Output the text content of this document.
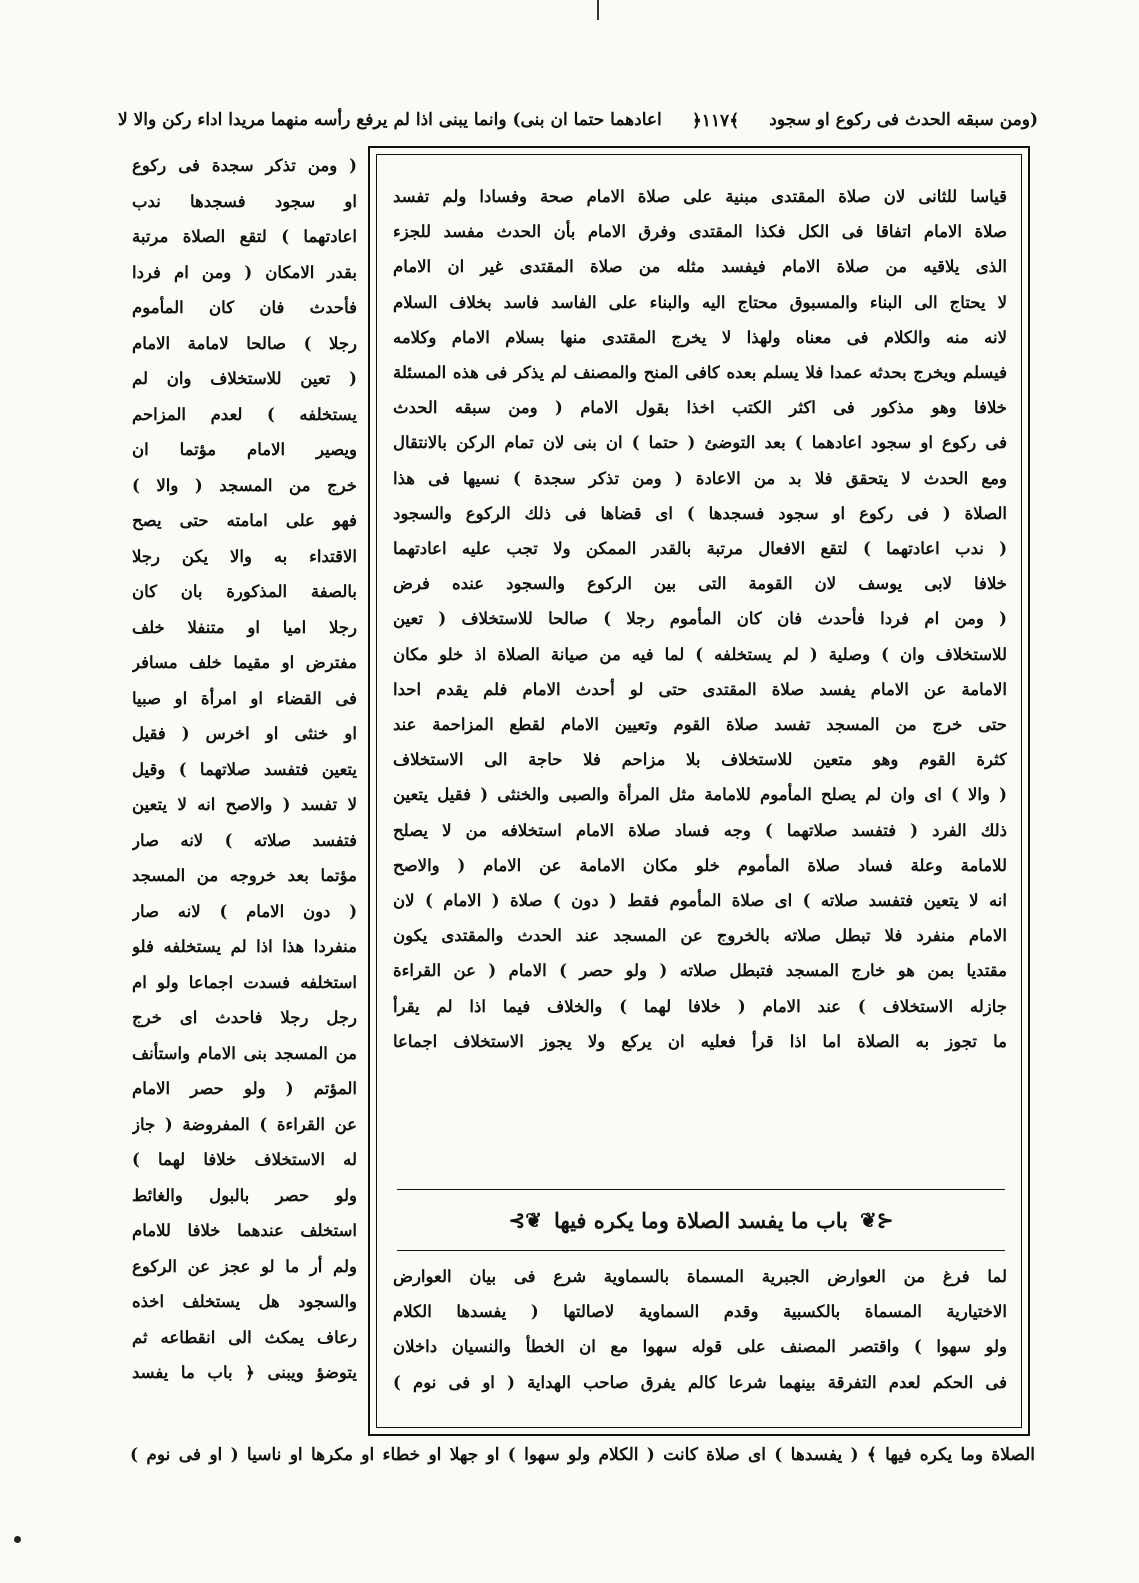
(ومن سبقه الحدث فى ركوع او سجود
﴾١١٧﴿
اعادهما حتما ان بنى) وانما يبنى اذا لم يرفع رأسه منهما مريدا اداء ركن والا لا
( ومن تذكر سجدة فى ركوع
او سجود فسجدها ندب
اعادتهما ) لتقع الصلاة مرتبة
بقدر الامكان ( ومن ام فردا
فأحدث فان كان المأموم
رجلا ) صالحا لامامة الامام
( تعين للاستخلاف وان لم
يستخلفه ) لعدم المزاحم
ويصير الامام مؤتما ان
خرج من المسجد ( والا )
فهو على امامته حتى يصح
الاقتداء به والا يكن رجلا
بالصفة المذكورة بان كان
رجلا اميا او متنفلا خلف
مفترض او مقيما خلف مسافر
فى القضاء او امرأة او صبيا
او خنثى او اخرس ( فقيل
يتعين فتفسد صلاتهما ) وقيل
لا تفسد ( والاصح انه لا يتعين
فتفسد صلاته ) لانه صار
مؤتما بعد خروجه من المسجد
( دون الامام ) لانه صار
منفردا هذا اذا لم يستخلفه فلو
استخلفه فسدت اجماعا ولو ام
رجل رجلا فاحدث اى خرج
من المسجد بنى الامام واستأنف
المؤتم ( ولو حصر الامام
عن القراءة ) المفروضة ( جاز
له الاستخلاف خلافا لهما )
ولو حصر بالبول والغائط
استخلف عندهما خلافا للامام
ولم أر ما لو عجز عن الركوع
والسجود هل يستخلف اخذه
رعاف يمكث الى انقطاعه ثم
يتوضؤ ويبنى ﴿ باب ما يفسد
قياسا للثانى لان صلاة المقتدى مبنية على صلاة الامام صحة وفسادا ولم تفسد
صلاة الامام اتفاقا فى الكل فكذا المقتدى وفرق الامام بأن الحدث مفسد للجزء
الذى يلاقيه من صلاة الامام فيفسد مثله من صلاة المقتدى غير ان الامام
لا يحتاج الى البناء والمسبوق محتاج اليه والبناء على الفاسد فاسد بخلاف السلام
لانه منه والكلام فى معناه ولهذا لا يخرج المقتدى منها بسلام الامام وكلامه
فيسلم ويخرج بحدثه عمدا فلا يسلم بعده كافى المنح والمصنف لم يذكر فى هذه المسئلة
خلافا وهو مذكور فى اكثر الكتب اخذا بقول الامام ( ومن سبقه الحدث
فى ركوع او سجود اعادهما ) بعد التوضئ ( حتما ) ان بنى لان تمام الركن بالانتقال
ومع الحدث لا يتحقق فلا بد من الاعادة ( ومن تذكر سجدة ) نسيها فى هذا
الصلاة ( فى ركوع او سجود فسجدها ) اى قضاها فى ذلك الركوع والسجود
( ندب اعادتهما ) لتقع الافعال مرتبة بالقدر الممكن ولا تجب عليه اعادتهما
خلافا لابى يوسف لان القومة التى بين الركوع والسجود عنده فرض
( ومن ام فردا فأحدث فان كان المأموم رجلا ) صالحا للاستخلاف ( تعين
للاستخلاف وان ) وصلية ( لم يستخلفه ) لما فيه من صيانة الصلاة اذ خلو مكان
الامامة عن الامام يفسد صلاة المقتدى حتى لو أحدث الامام فلم يقدم احدا
حتى خرج من المسجد تفسد صلاة القوم وتعيين الامام لقطع المزاحمة عند
كثرة القوم وهو متعين للاستخلاف بلا مزاحم فلا حاجة الى الاستخلاف
( والا ) اى وان لم يصلح المأموم للامامة مثل المرأة والصبى والخنثى ( فقيل يتعين
ذلك الفرد ( فتفسد صلاتهما ) وجه فساد صلاة الامام استخلافه من لا يصلح
للامامة وعلة فساد صلاة المأموم خلو مكان الامامة عن الامام ( والاصح
انه لا يتعين فتفسد صلاته ) اى صلاة المأموم فقط ( دون ) صلاة ( الامام ) لان
الامام منفرد فلا تبطل صلاته بالخروج عن المسجد عند الحدث والمقتدى يكون
مقتديا بمن هو خارج المسجد فتبطل صلاته ( ولو حصر ) الامام ( عن القراءة
جازله الاستخلاف ) عند الامام ( خلافا لهما ) والخلاف فيما اذا لم يقرأ
ما تجوز به الصلاة اما اذا قرأ فعليه ان يركع ولا يجوز الاستخلاف اجماعا
⊰❦
باب ما يفسد الصلاة وما يكره فيها
❦⊱
لما فرغ من العوارض الجبرية المسماة بالسماوية شرع فى بيان العوارض
الاختيارية المسماة بالكسبية وقدم السماوية لاصالتها ( يفسدها الكلام
ولو سهوا ) واقتصر المصنف على قوله سهوا مع ان الخطأ والنسيان داخلان
فى الحكم لعدم التفرقة بينهما شرعا كالم يفرق صاحب الهداية ( او فى نوم )
الصلاة وما يكره فيها ﴾ ( يفسدها ) اى صلاة كانت ( الكلام ولو سهوا ) او جهلا او خطاء او مكرها او ناسيا ( او فى نوم )
